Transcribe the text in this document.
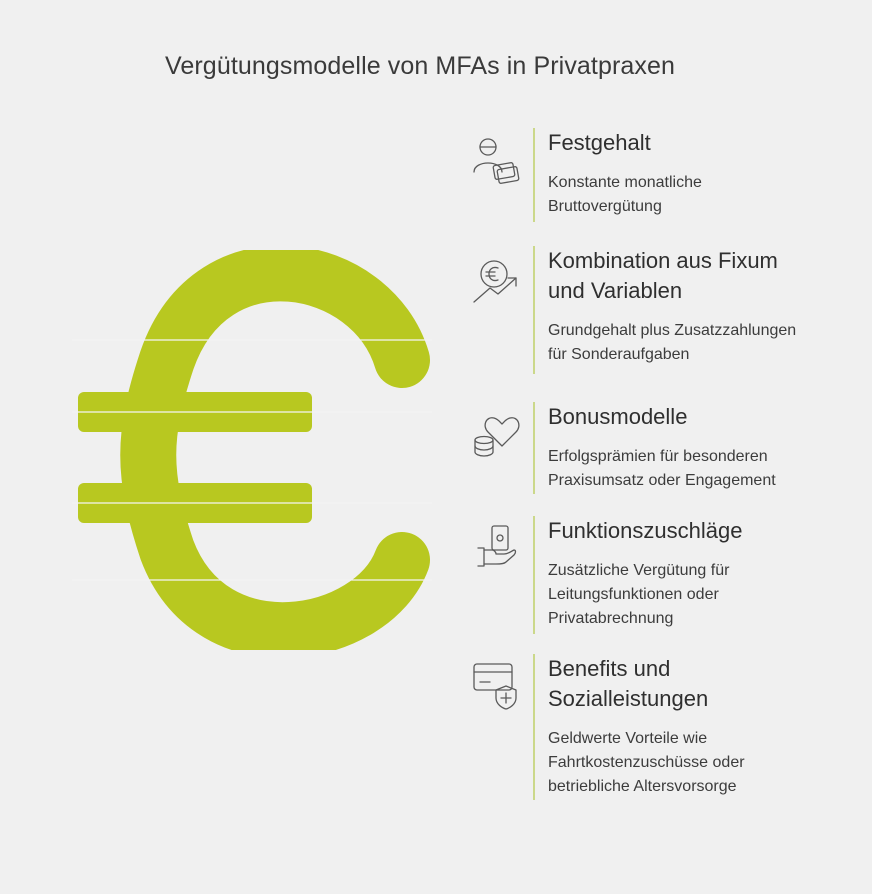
Vergütungsmodelle von MFAs in Privatpraxen
Festgehalt
Konstante monatliche
Bruttovergütung
Kombination aus Fixum
und Variablen
Grundgehalt plus Zusatzzahlungen
für Sonderaufgaben
Bonusmodelle
Erfolgsprämien für besonderen
Praxisumsatz oder Engagement
Funktionszuschläge
Zusätzliche Vergütung für
Leitungsfunktionen oder
Privatabrechnung
Benefits und
Sozialleistungen
Geldwerte Vorteile wie
Fahrtkostenzuschüsse oder
betriebliche Altersvorsorge
